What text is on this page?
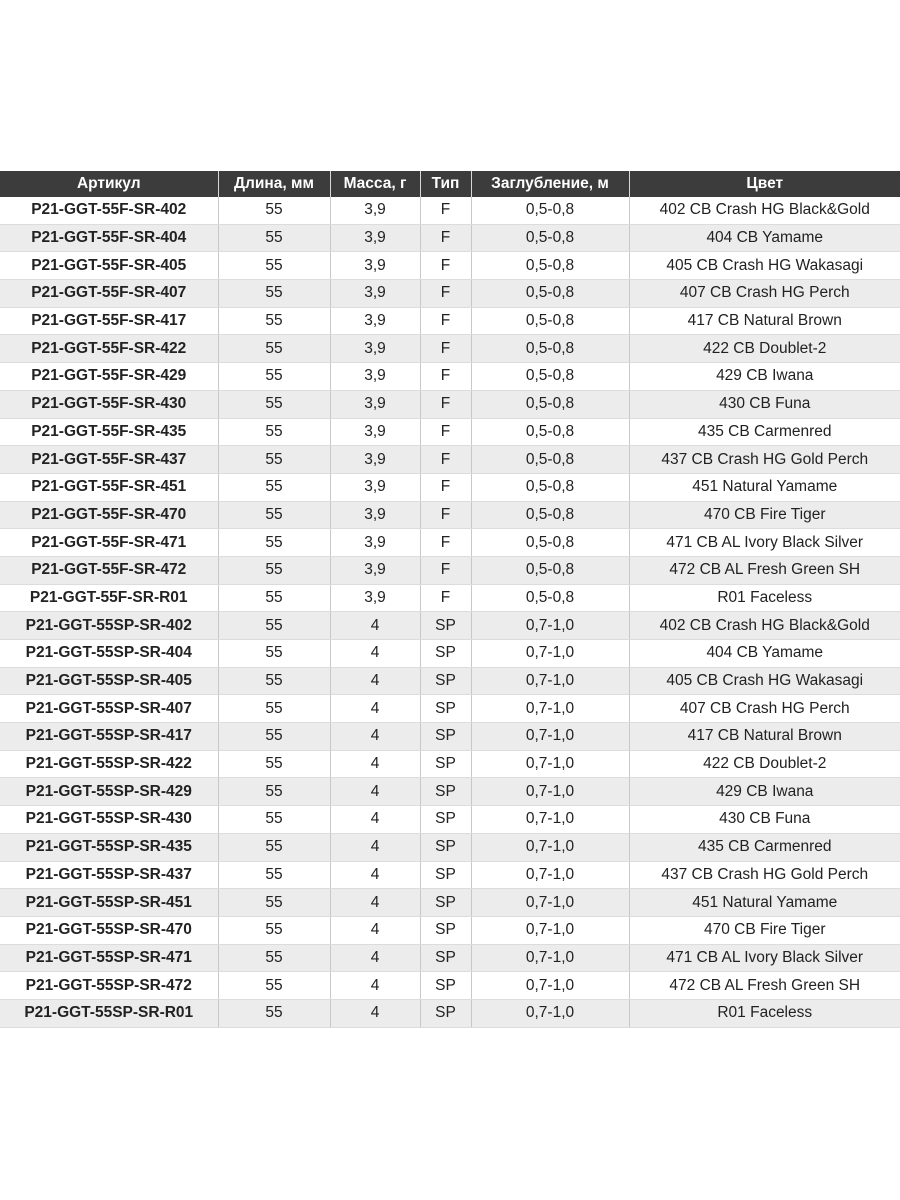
Артикул	Длина, мм	Масса, г	Тип	Заглубление, м	Цвет
P21-GGT-55F-SR-402	55	3,9	F	0,5-0,8	402 CB Crash HG Black&Gold
P21-GGT-55F-SR-404	55	3,9	F	0,5-0,8	404 CB Yamame
P21-GGT-55F-SR-405	55	3,9	F	0,5-0,8	405 CB Crash HG Wakasagi
P21-GGT-55F-SR-407	55	3,9	F	0,5-0,8	407 CB Crash HG Perch
P21-GGT-55F-SR-417	55	3,9	F	0,5-0,8	417 CB Natural Brown
P21-GGT-55F-SR-422	55	3,9	F	0,5-0,8	422 CB Doublet-2
P21-GGT-55F-SR-429	55	3,9	F	0,5-0,8	429 CB Iwana
P21-GGT-55F-SR-430	55	3,9	F	0,5-0,8	430 CB Funa
P21-GGT-55F-SR-435	55	3,9	F	0,5-0,8	435 CB Carmenred
P21-GGT-55F-SR-437	55	3,9	F	0,5-0,8	437 CB Crash HG Gold Perch
P21-GGT-55F-SR-451	55	3,9	F	0,5-0,8	451 Natural Yamame
P21-GGT-55F-SR-470	55	3,9	F	0,5-0,8	470 CB Fire Tiger
P21-GGT-55F-SR-471	55	3,9	F	0,5-0,8	471 CB AL Ivory Black Silver
P21-GGT-55F-SR-472	55	3,9	F	0,5-0,8	472 CB AL Fresh Green SH
P21-GGT-55F-SR-R01	55	3,9	F	0,5-0,8	R01 Faceless
P21-GGT-55SP-SR-402	55	4	SP	0,7-1,0	402 CB Crash HG Black&Gold
P21-GGT-55SP-SR-404	55	4	SP	0,7-1,0	404 CB Yamame
P21-GGT-55SP-SR-405	55	4	SP	0,7-1,0	405 CB Crash HG Wakasagi
P21-GGT-55SP-SR-407	55	4	SP	0,7-1,0	407 CB Crash HG Perch
P21-GGT-55SP-SR-417	55	4	SP	0,7-1,0	417 CB Natural Brown
P21-GGT-55SP-SR-422	55	4	SP	0,7-1,0	422 CB Doublet-2
P21-GGT-55SP-SR-429	55	4	SP	0,7-1,0	429 CB Iwana
P21-GGT-55SP-SR-430	55	4	SP	0,7-1,0	430 CB Funa
P21-GGT-55SP-SR-435	55	4	SP	0,7-1,0	435 CB Carmenred
P21-GGT-55SP-SR-437	55	4	SP	0,7-1,0	437 CB Crash HG Gold Perch
P21-GGT-55SP-SR-451	55	4	SP	0,7-1,0	451 Natural Yamame
P21-GGT-55SP-SR-470	55	4	SP	0,7-1,0	470 CB Fire Tiger
P21-GGT-55SP-SR-471	55	4	SP	0,7-1,0	471 CB AL Ivory Black Silver
P21-GGT-55SP-SR-472	55	4	SP	0,7-1,0	472 CB AL Fresh Green SH
P21-GGT-55SP-SR-R01	55	4	SP	0,7-1,0	R01 Faceless
